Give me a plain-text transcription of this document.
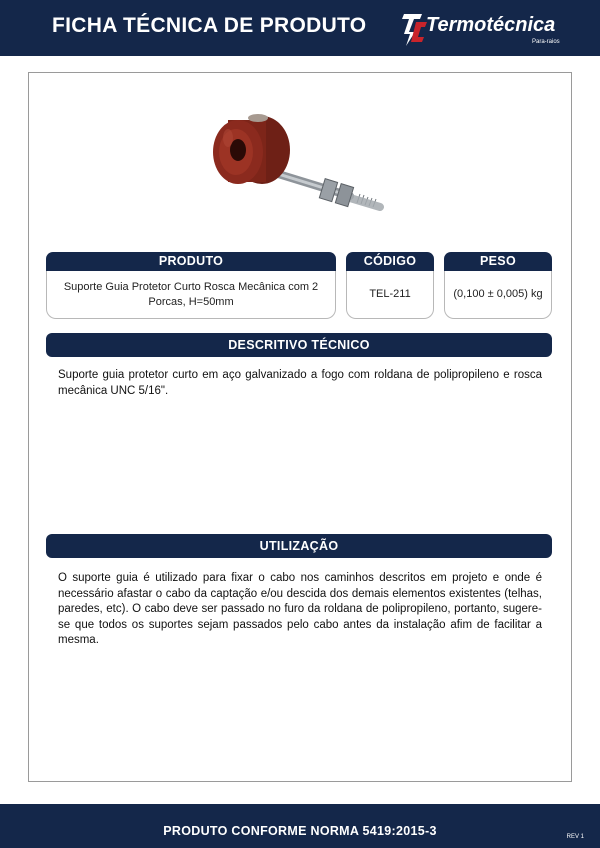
FICHA TÉCNICA DE PRODUTO	Termotécnica
Para-raios
PRODUTO
Suporte Guia Protetor Curto Rosca Mecânica com 2 Porcas, H=50mm
CÓDIGO
TEL-211
PESO
(0,100 ± 0,005) kg
DESCRITIVO TÉCNICO
Suporte guia protetor curto em aço galvanizado a fogo com roldana de polipropileno e rosca mecânica UNC 5/16".
UTILIZAÇÃO
O suporte guia é utilizado para fixar o cabo nos caminhos descritos em projeto e onde é necessário afastar o cabo da captação e/ou descida dos demais elementos existentes (telhas, paredes, etc). O cabo deve ser passado no furo da roldana de polipropileno, portanto, sugere-se que todos os suportes sejam passados pelo cabo antes da instalação afim de facilitar a mesma.
PRODUTO CONFORME NORMA 5419:2015-3	REV 1
